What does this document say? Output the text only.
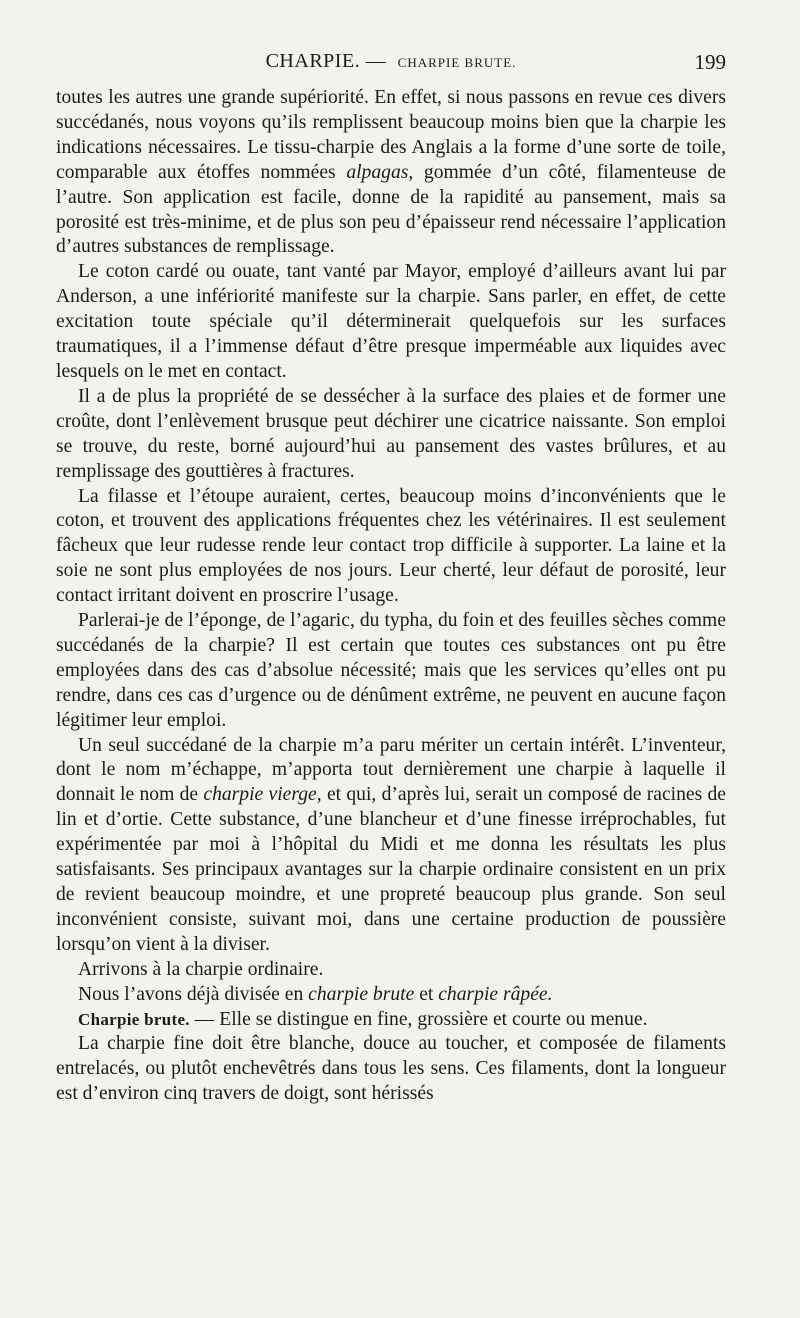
CHARPIE. — CHARPIE BRUTE.	199

toutes les autres une grande supériorité. En effet, si nous passons en revue ces divers succédanés, nous voyons qu’ils remplissent beaucoup moins bien que la charpie les indications nécessaires. Le tissu-charpie des Anglais a la forme d’une sorte de toile, comparable aux étoffes nommées alpagas, gommée d’un côté, filamenteuse de l’autre. Son application est facile, donne de la rapidité au pansement, mais sa porosité est très-minime, et de plus son peu d’épaisseur rend nécessaire l’application d’autres substances de remplissage.

Le coton cardé ou ouate, tant vanté par Mayor, employé d’ailleurs avant lui par Anderson, a une infériorité manifeste sur la charpie. Sans parler, en effet, de cette excitation toute spéciale qu’il déterminerait quelquefois sur les surfaces traumatiques, il a l’immense défaut d’être presque imperméable aux liquides avec lesquels on le met en contact.

Il a de plus la propriété de se dessécher à la surface des plaies et de former une croûte, dont l’enlèvement brusque peut déchirer une cicatrice naissante. Son emploi se trouve, du reste, borné aujourd’hui au pansement des vastes brûlures, et au remplissage des gouttières à fractures.

La filasse et l’étoupe auraient, certes, beaucoup moins d’inconvénients que le coton, et trouvent des applications fréquentes chez les vétérinaires. Il est seulement fâcheux que leur rudesse rende leur contact trop difficile à supporter. La laine et la soie ne sont plus employées de nos jours. Leur cherté, leur défaut de porosité, leur contact irritant doivent en proscrire l’usage.

Parlerai-je de l’éponge, de l’agaric, du typha, du foin et des feuilles sèches comme succédanés de la charpie? Il est certain que toutes ces substances ont pu être employées dans des cas d’absolue nécessité; mais que les services qu’elles ont pu rendre, dans ces cas d’urgence ou de dénûment extrême, ne peuvent en aucune façon légitimer leur emploi.

Un seul succédané de la charpie m’a paru mériter un certain intérêt. L’inventeur, dont le nom m’échappe, m’apporta tout dernièrement une charpie à laquelle il donnait le nom de charpie vierge, et qui, d’après lui, serait un composé de racines de lin et d’ortie. Cette substance, d’une blancheur et d’une finesse irréprochables, fut expérimentée par moi à l’hôpital du Midi et me donna les résultats les plus satisfaisants. Ses principaux avantages sur la charpie ordinaire consistent en un prix de revient beaucoup moindre, et une propreté beaucoup plus grande. Son seul inconvénient consiste, suivant moi, dans une certaine production de poussière lorsqu’on vient à la diviser.

Arrivons à la charpie ordinaire.

Nous l’avons déjà divisée en charpie brute et charpie râpée.

Charpie brute. — Elle se distingue en fine, grossière et courte ou menue.

La charpie fine doit être blanche, douce au toucher, et composée de filaments entrelacés, ou plutôt enchevêtrés dans tous les sens. Ces filaments, dont la longueur est d’environ cinq travers de doigt, sont hérissés
